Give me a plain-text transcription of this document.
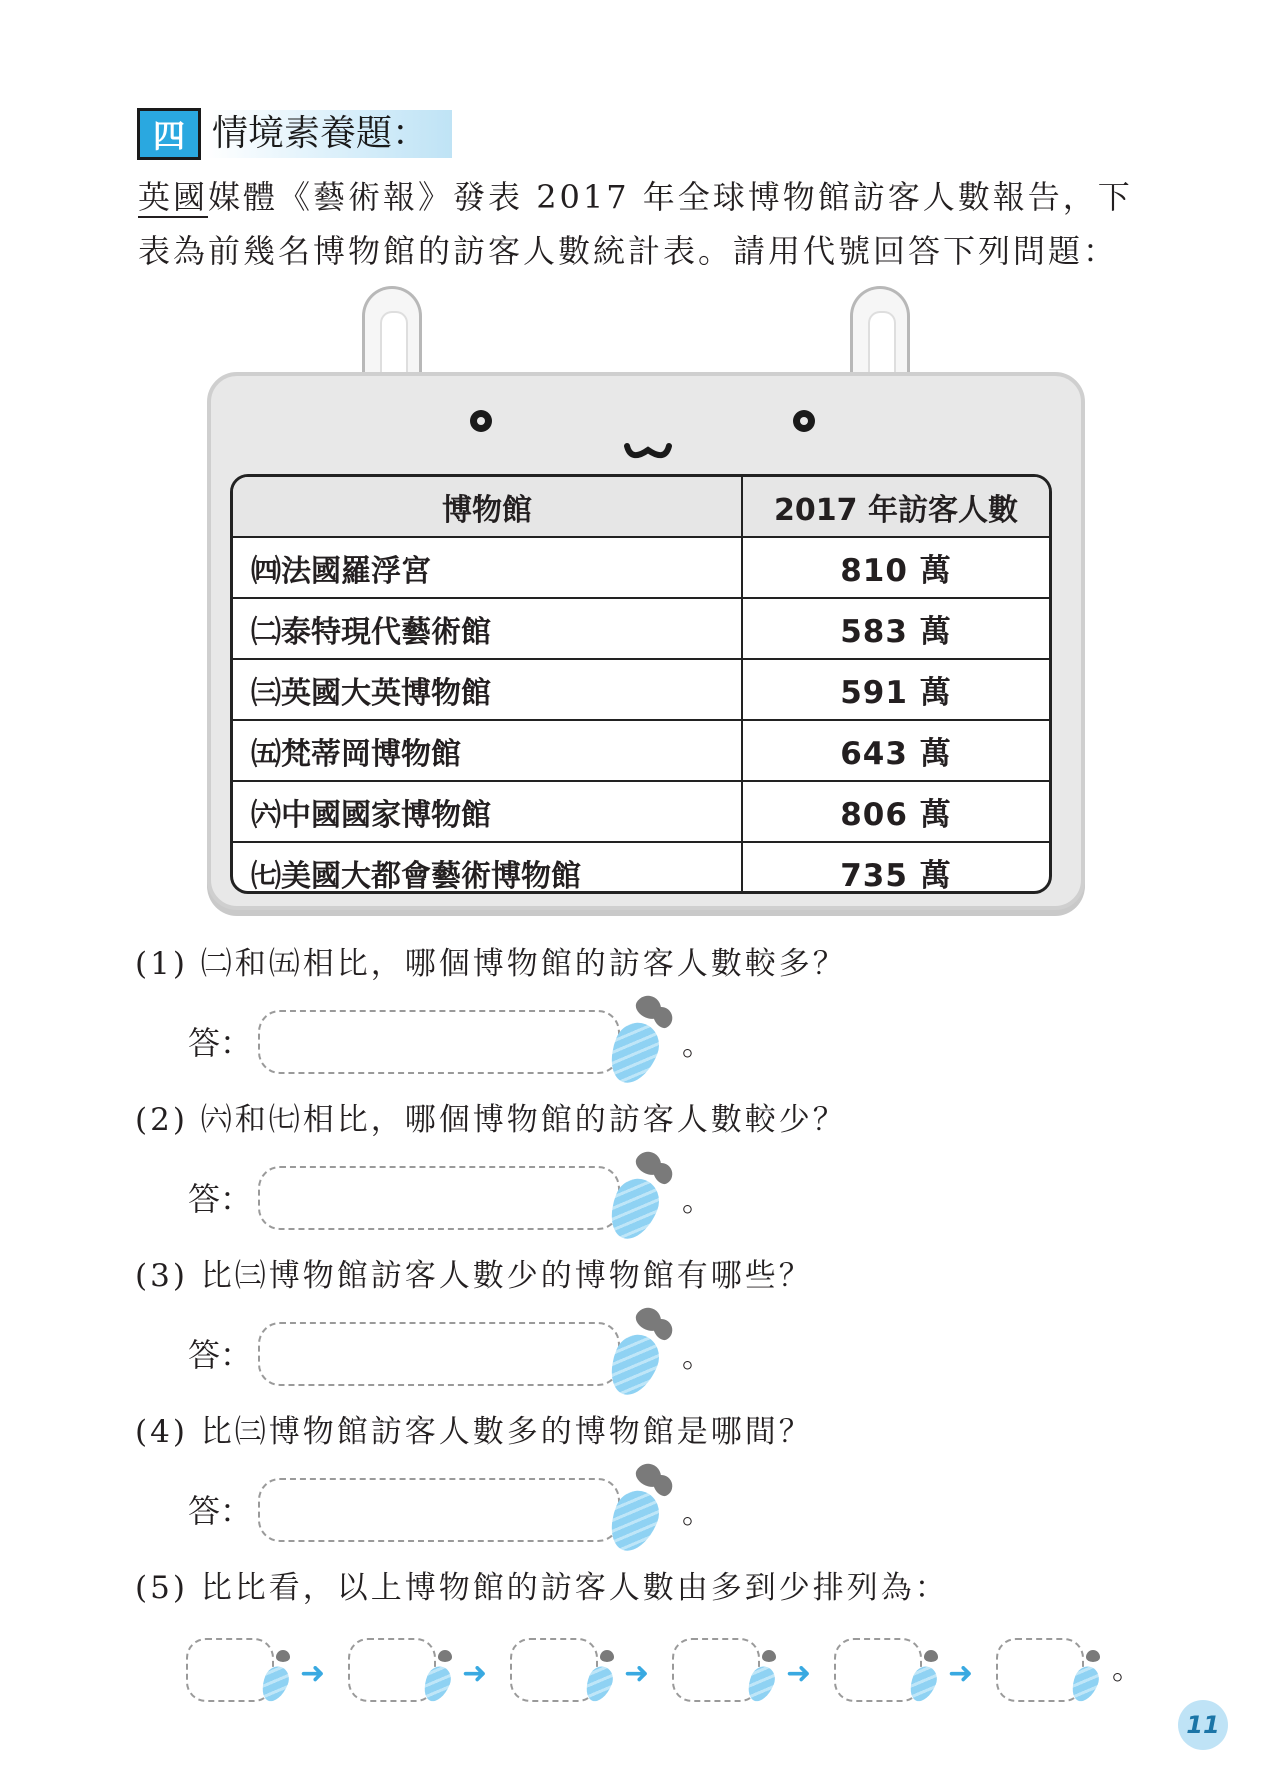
四 情境素養題：
英國媒體《藝術報》發表 2017 年全球博物館訪客人數報告，下
表為前幾名博物館的訪客人數統計表。請用代號回答下列問題：
博物館	2017 年訪客人數
㈣法國羅浮宮	810 萬
㈡泰特現代藝術館	583 萬
㈢英國大英博物館	591 萬
㈤梵蒂岡博物館	643 萬
㈥中國國家博物館	806 萬
㈦美國大都會藝術博物館	735 萬
(1) ㈡和㈤相比，哪個博物館的訪客人數較多？
答：	。
(2) ㈥和㈦相比，哪個博物館的訪客人數較少？
答：	。
(3) 比㈢博物館訪客人數少的博物館有哪些？
答：	。
(4) 比㈢博物館訪客人數多的博物館是哪間？
答：	。
(5) 比比看，以上博物館的訪客人數由多到少排列為：
➜	➜	➜	➜	➜	。
11
